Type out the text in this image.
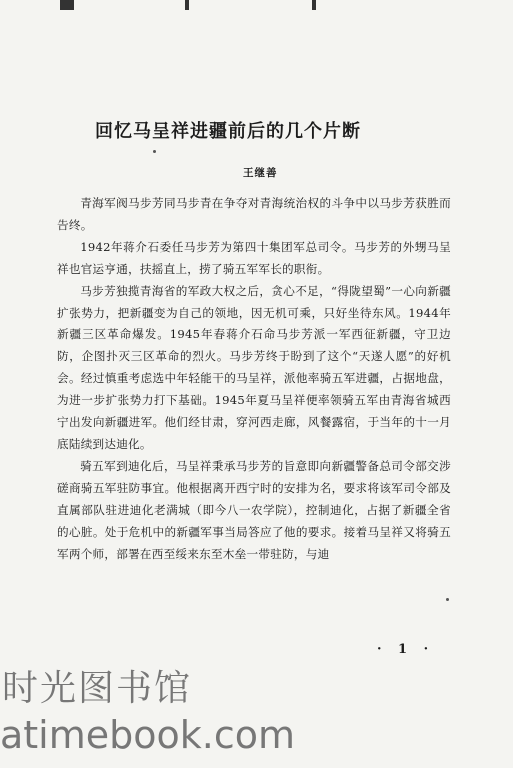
回忆马呈祥进疆前后的几个片断
王继善

青海军阀马步芳同马步青在争夺对青海统治权的斗争中以马步芳获胜而告终。

1942年蒋介石委任马步芳为第四十集团军总司令。马步芳的外甥马呈祥也官运亨通，扶摇直上，捞了骑五军军长的职衔。

马步芳独揽青海省的军政大权之后，贪心不足，“得陇望蜀”一心向新疆扩张势力，把新疆变为自己的领地，因无机可乘，只好坐待东风。1944年新疆三区革命爆发。1945年春蒋介石命马步芳派一军西征新疆，守卫边防，企图扑灭三区革命的烈火。马步芳终于盼到了这个“天遂人愿”的好机会。经过慎重考虑选中年轻能干的马呈祥，派他率骑五军进疆，占据地盘，为进一步扩张势力打下基础。1945年夏马呈祥便率领骑五军由青海省城西宁出发向新疆进军。他们经甘肃，穿河西走廊，风餐露宿，于当年的十一月底陆续到达迪化。

骑五军到迪化后，马呈祥秉承马步芳的旨意即向新疆警备总司令部交涉磋商骑五军驻防事宜。他根据离开西宁时的安排为名，要求将该军司令部及直属部队驻进迪化老满城（即今八一农学院），控制迪化，占据了新疆全省的心脏。处于危机中的新疆军事当局答应了他的要求。接着马呈祥又将骑五军两个师，部署在西至绥来东至木垒一带驻防，与迪

· 1 ·
时光图书馆
atimebook.com
